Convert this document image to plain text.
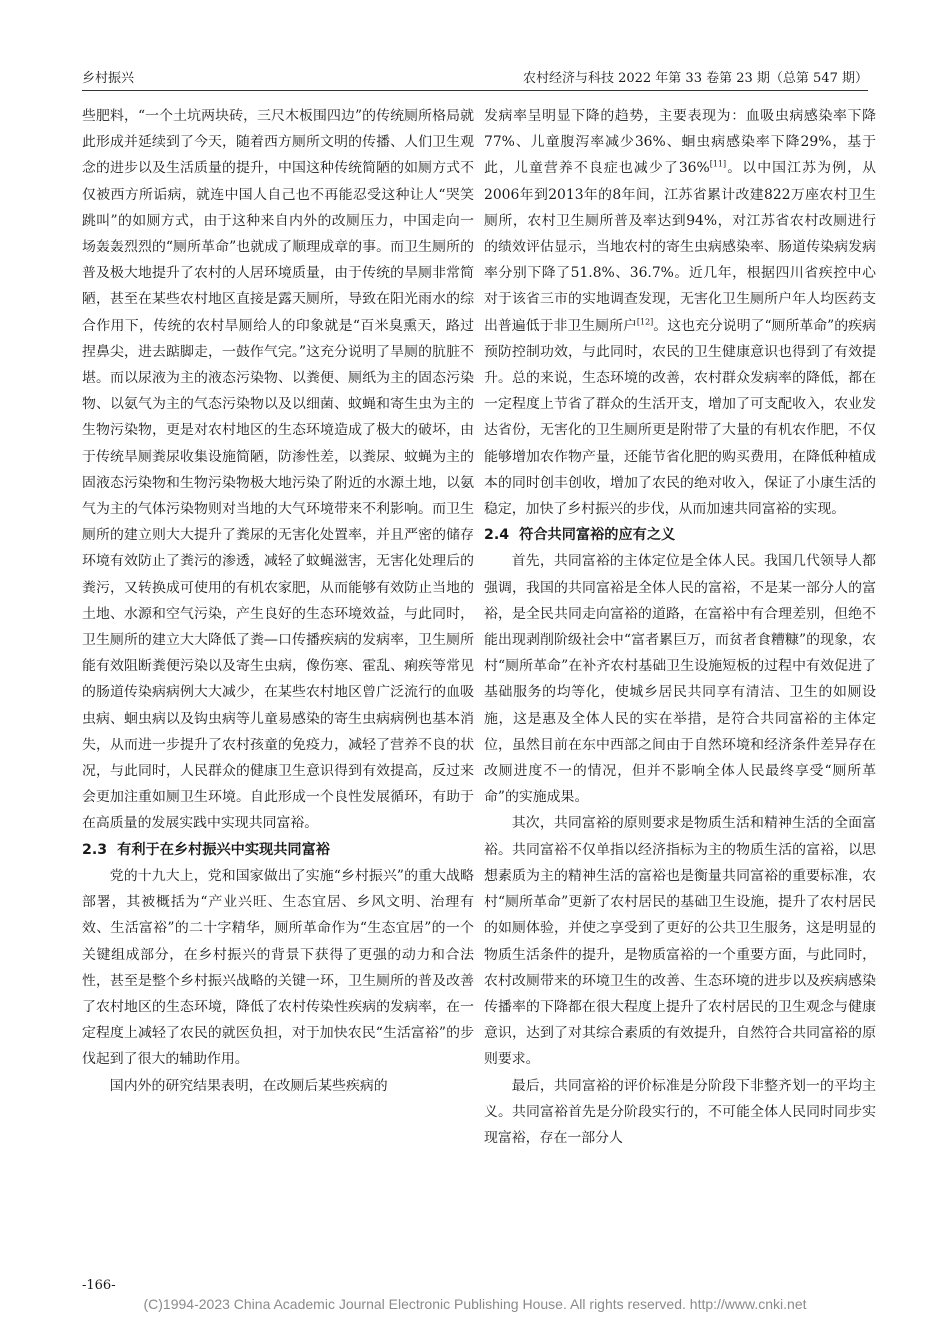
乡村振兴	农村经济与科技 2022 年第 33 卷第 23 期（总第 547 期）

些肥料，“一个土坑两块砖，三尺木板围四边”的传统厕所格局就此形成并延续到了今天，随着西方厕所文明的传播、人们卫生观念的进步以及生活质量的提升，中国这种传统简陋的如厕方式不仅被西方所诟病，就连中国人自己也不再能忍受这种让人“哭笑跳叫”的如厕方式，由于这种来自内外的改厕压力，中国走向一场轰轰烈烈的“厕所革命”也就成了顺理成章的事。而卫生厕所的普及极大地提升了农村的人居环境质量，由于传统的旱厕非常简陋，甚至在某些农村地区直接是露天厕所，导致在阳光雨水的综合作用下，传统的农村旱厕给人的印象就是“百米臭熏天，路过捏鼻尖，进去踮脚走，一鼓作气完。”这充分说明了旱厕的肮脏不堪。而以尿液为主的液态污染物、以粪便、厕纸为主的固态污染物、以氨气为主的气态污染物以及以细菌、蚊蝇和寄生虫为主的生物污染物，更是对农村地区的生态环境造成了极大的破坏，由于传统旱厕粪尿收集设施简陋，防渗性差，以粪尿、蚊蝇为主的固液态污染物和生物污染物极大地污染了附近的水源土地，以氨气为主的气体污染物则对当地的大气环境带来不利影响。而卫生厕所的建立则大大提升了粪尿的无害化处置率，并且严密的储存环境有效防止了粪污的渗透，减轻了蚊蝇滋害，无害化处理后的粪污，又转换成可使用的有机农家肥，从而能够有效防止当地的土地、水源和空气污染，产生良好的生态环境效益，与此同时，卫生厕所的建立大大降低了粪—口传播疾病的发病率，卫生厕所能有效阻断粪便污染以及寄生虫病，像伤寒、霍乱、痢疾等常见的肠道传染病病例大大减少，在某些农村地区曾广泛流行的血吸虫病、蛔虫病以及钩虫病等儿童易感染的寄生虫病病例也基本消失，从而进一步提升了农村孩童的免疫力，减轻了营养不良的状况，与此同时，人民群众的健康卫生意识得到有效提高，反过来会更加注重如厕卫生环境。自此形成一个良性发展循环，有助于在高质量的发展实践中实现共同富裕。

2.3 有利于在乡村振兴中实现共同富裕

党的十九大上，党和国家做出了实施“乡村振兴”的重大战略部署，其被概括为“产业兴旺、生态宜居、乡风文明、治理有效、生活富裕”的二十字精华，厕所革命作为“生态宜居”的一个关键组成部分，在乡村振兴的背景下获得了更强的动力和合法性，甚至是整个乡村振兴战略的关键一环，卫生厕所的普及改善了农村地区的生态环境，降低了农村传染性疾病的发病率，在一定程度上减轻了农民的就医负担，对于加快农民“生活富裕”的步伐起到了很大的辅助作用。

国内外的研究结果表明，在改厕后某些疾病的

发病率呈明显下降的趋势，主要表现为：血吸虫病感染率下降77%、儿童腹泻率减少36%、蛔虫病感染率下降29%，基于此，儿童营养不良症也减少了36%[11]。以中国江苏为例，从2006年到2013年的8年间，江苏省累计改建822万座农村卫生厕所，农村卫生厕所普及率达到94%，对江苏省农村改厕进行的绩效评估显示，当地农村的寄生虫病感染率、肠道传染病发病率分别下降了51.8%、36.7%。近几年，根据四川省疾控中心对于该省三市的实地调查发现，无害化卫生厕所户年人均医药支出普遍低于非卫生厕所户[12]。这也充分说明了“厕所革命”的疾病预防控制功效，与此同时，农民的卫生健康意识也得到了有效提升。总的来说，生态环境的改善，农村群众发病率的降低，都在一定程度上节省了群众的生活开支，增加了可支配收入，农业发达省份，无害化的卫生厕所更是附带了大量的有机农作肥，不仅能够增加农作物产量，还能节省化肥的购买费用，在降低种植成本的同时创丰创收，增加了农民的绝对收入，保证了小康生活的稳定，加快了乡村振兴的步伐，从而加速共同富裕的实现。

2.4 符合共同富裕的应有之义

首先，共同富裕的主体定位是全体人民。我国几代领导人都强调，我国的共同富裕是全体人民的富裕，不是某一部分人的富裕，是全民共同走向富裕的道路，在富裕中有合理差别，但绝不能出现剥削阶级社会中“富者累巨万，而贫者食糟糠”的现象，农村“厕所革命”在补齐农村基础卫生设施短板的过程中有效促进了基础服务的均等化，使城乡居民共同享有清洁、卫生的如厕设施，这是惠及全体人民的实在举措，是符合共同富裕的主体定位，虽然目前在东中西部之间由于自然环境和经济条件差异存在改厕进度不一的情况，但并不影响全体人民最终享受“厕所革命”的实施成果。

其次，共同富裕的原则要求是物质生活和精神生活的全面富裕。共同富裕不仅单指以经济指标为主的物质生活的富裕，以思想素质为主的精神生活的富裕也是衡量共同富裕的重要标准，农村“厕所革命”更新了农村居民的基础卫生设施，提升了农村居民的如厕体验，并使之享受到了更好的公共卫生服务，这是明显的物质生活条件的提升，是物质富裕的一个重要方面，与此同时，农村改厕带来的环境卫生的改善、生态环境的进步以及疾病感染传播率的下降都在很大程度上提升了农村居民的卫生观念与健康意识，达到了对其综合素质的有效提升，自然符合共同富裕的原则要求。

最后，共同富裕的评价标准是分阶段下非整齐划一的平均主义。共同富裕首先是分阶段实行的，不可能全体人民同时同步实现富裕，存在一部分人

-166-
(C)1994-2023 China Academic Journal Electronic Publishing House. All rights reserved. http://www.cnki.net
